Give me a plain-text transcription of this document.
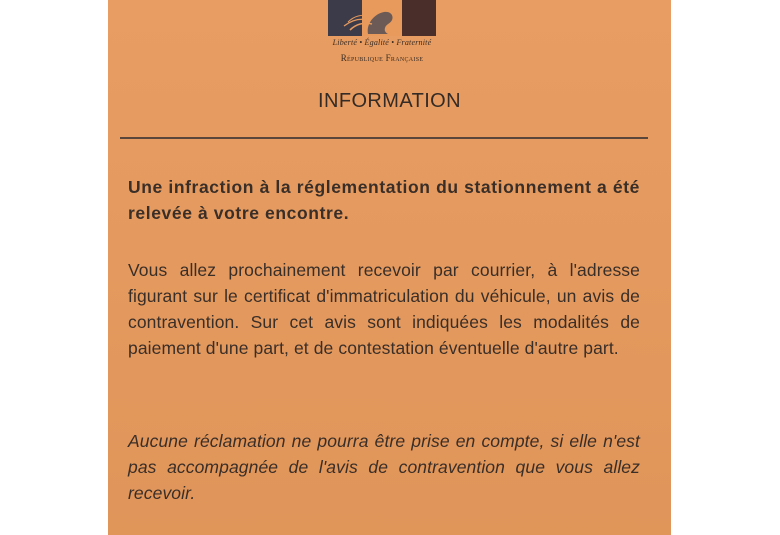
Liberté • Égalité • Fraternité
République Française
INFORMATION

Une infraction à la réglementation du stationnement a été relevée à votre encontre.

Vous allez prochainement recevoir par courrier, à l'adresse figurant sur le certificat d'immatriculation du véhicule, un avis de contravention. Sur cet avis sont indiquées les modalités de paiement d'une part, et de contestation éventuelle d'autre part.

Aucune réclamation ne pourra être prise en compte, si elle n'est pas accompagnée de l'avis de contravention que vous allez recevoir.
